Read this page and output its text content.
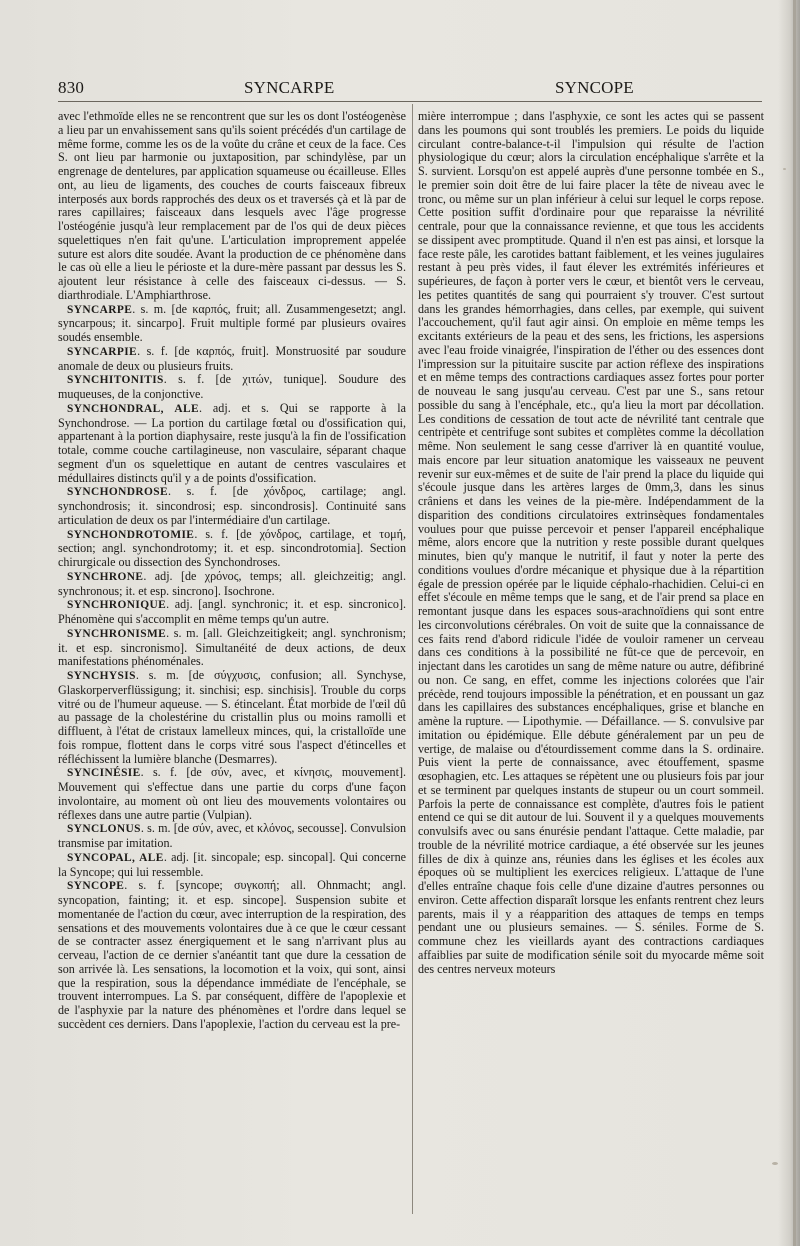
830	SYNCARPE	SYNCOPE

avec l'ethmoïde elles ne se rencontrent que sur les os dont l'ostéogenèse a lieu par un envahissement sans qu'ils soient précédés d'un cartilage de même forme, comme les os de la voûte du crâne et ceux de la face. Ces S. ont lieu par harmonie ou juxtaposition, par schindylèse, par un engrenage de dentelures, par application squameuse ou écailleuse. Elles ont, au lieu de ligaments, des couches de courts faisceaux fibreux interposés aux bords rapprochés des deux os et traversés çà et là par de rares capillaires; faisceaux dans lesquels avec l'âge progresse l'ostéogénie jusqu'à leur remplacement par de l'os qui de deux pièces squelettiques n'en fait qu'une. L'articulation improprement appelée suture est alors dite soudée. Avant la production de ce phénomène dans le cas où elle a lieu le périoste et la dure-mère passant par dessus les S. ajoutent leur résistance à celle des faisceaux ci-dessus. — S. diarthrodiale. L'Amphiarthrose.

SYNCARPE. s. m. [de καρπός, fruit; all. Zusammengesetzt; angl. syncarpous; it. sincarpo]. Fruit multiple formé par plusieurs ovaires soudés ensemble.

SYNCARPIE. s. f. [de καρπός, fruit]. Monstruosité par soudure anomale de deux ou plusieurs fruits.

SYNCHITONITIS. s. f. [de χιτών, tunique]. Soudure des muqueuses, de la conjonctive.

SYNCHONDRAL, ALE. adj. et s. Qui se rapporte à la Synchondrose. — La portion du cartilage fœtal ou d'ossification qui, appartenant à la portion diaphysaire, reste jusqu'à la fin de l'ossification totale, comme couche cartilagineuse, non vasculaire, séparant chaque segment d'un os squelettique en autant de centres vasculaires et médullaires distincts qu'il y a de points d'ossification.

SYNCHONDROSE. s. f. [de χόνδρος, cartilage; angl. synchondrosis; it. sincondrosi; esp. sincondrosis]. Continuité sans articulation de deux os par l'intermédiaire d'un cartilage.

SYNCHONDROTOMIE. s. f. [de χόνδρος, cartilage, et τομή, section; angl. synchondrotomy; it. et esp. sincondrotomia]. Section chirurgicale ou dissection des Synchondroses.

SYNCHRONE. adj. [de χρόνος, temps; all. gleichzeitig; angl. synchronous; it. et esp. sincrono]. Isochrone.

SYNCHRONIQUE. adj. [angl. synchronic; it. et esp. sincronico]. Phénomène qui s'accomplit en même temps qu'un autre.

SYNCHRONISME. s. m. [all. Gleichzeitigkeit; angl. synchronism; it. et esp. sincronismo]. Simultanéité de deux actions, de deux manifestations phénoménales.

SYNCHYSIS. s. m. [de σύγχυσις, confusion; all. Synchyse, Glaskorperverflüssigung; it. sinchisi; esp. sinchisis]. Trouble du corps vitré ou de l'humeur aqueuse. — S. étincelant. État morbide de l'œil dû au passage de la cholestérine du cristallin plus ou moins ramolli et diffluent, à l'état de cristaux lamelleux minces, qui, la cristalloïde une fois rompue, flottent dans le corps vitré sous l'aspect d'étincelles et réfléchissent la lumière blanche (Desmarres).

SYNCINÉSIE. s. f. [de σύν, avec, et κίνησις, mouvement]. Mouvement qui s'effectue dans une partie du corps d'une façon involontaire, au moment où ont lieu des mouvements volontaires ou réflexes dans une autre partie (Vulpian).

SYNCLONUS. s. m. [de σύν, avec, et κλόνος, secousse]. Convulsion transmise par imitation.

SYNCOPAL, ALE. adj. [it. sincopale; esp. sincopal]. Qui concerne la Syncope; qui lui ressemble.

SYNCOPE. s. f. [syncope; συγκοπή; all. Ohnmacht; angl. syncopation, fainting; it. et esp. sincope]. Suspension subite et momentanée de l'action du cœur, avec interruption de la respiration, des sensations et des mouvements volontaires due à ce que le cœur cessant de se contracter assez énergiquement et le sang n'arrivant plus au cerveau, l'action de ce dernier s'anéantit tant que dure la cessation de son arrivée là. Les sensations, la locomotion et la voix, qui sont, ainsi que la respiration, sous la dépendance immédiate de l'encéphale, se trouvent interrompues. La S. par conséquent, diffère de l'apoplexie et de l'asphyxie par la nature des phénomènes et l'ordre dans lequel se succèdent ces derniers. Dans l'apoplexie, l'action du cerveau est la pre-

mière interrompue ; dans l'asphyxie, ce sont les actes qui se passent dans les poumons qui sont troublés les premiers. Le poids du liquide circulant contre-balance-t-il l'impulsion qui résulte de l'action physiologique du cœur; alors la circulation encéphalique s'arrête et la S. survient. Lorsqu'on est appelé auprès d'une personne tombée en S., le premier soin doit être de lui faire placer la tête de niveau avec le tronc, ou même sur un plan inférieur à celui sur lequel le corps repose. Cette position suffit d'ordinaire pour que reparaisse la névrilité centrale, pour que la connaissance revienne, et que tous les accidents se dissipent avec promptitude. Quand il n'en est pas ainsi, et lorsque la face reste pâle, les carotides battant faiblement, et les veines jugulaires restant à peu près vides, il faut élever les extrémités inférieures et supérieures, de façon à porter vers le cœur, et bientôt vers le cerveau, les petites quantités de sang qui pourraient s'y trouver. C'est surtout dans les grandes hémorrhagies, dans celles, par exemple, qui suivent l'accouchement, qu'il faut agir ainsi. On emploie en même temps les excitants extérieurs de la peau et des sens, les frictions, les aspersions avec l'eau froide vinaigrée, l'inspiration de l'éther ou des essences dont l'impression sur la pituitaire suscite par action réflexe des inspirations et en même temps des contractions cardiaques assez fortes pour porter de nouveau le sang jusqu'au cerveau. C'est par une S., sans retour possible du sang à l'encéphale, etc., qu'a lieu la mort par décollation. Les conditions de cessation de tout acte de névrilité tant centrale que centripète et centrifuge sont subites et complètes comme la décollation même. Non seulement le sang cesse d'arriver là en quantité voulue, mais encore par leur situation anatomique les vaisseaux ne peuvent revenir sur eux-mêmes et de suite de l'air prend la place du liquide qui s'écoule jusque dans les artères larges de 0mm,3, dans les sinus crâniens et dans les veines de la pie-mère. Indépendamment de la disparition des conditions circulatoires extrinsèques fondamentales voulues pour que puisse percevoir et penser l'appareil encéphalique même, alors encore que la nutrition y reste possible durant quelques minutes, bien qu'y manque le nutritif, il faut y noter la perte des conditions voulues d'ordre mécanique et physique due à la répartition égale de pression opérée par le liquide céphalo-rhachidien. Celui-ci en effet s'écoule en même temps que le sang, et de l'air prend sa place en remontant jusque dans les espaces sous-arachnoïdiens qui sont entre les circonvolutions cérébrales. On voit de suite que la connaissance de ces faits rend d'abord ridicule l'idée de vouloir ramener un cerveau dans ces conditions à la possibilité ne fût-ce que de percevoir, en injectant dans les carotides un sang de même nature ou autre, défibriné ou non. Ce sang, en effet, comme les injections colorées que l'air précède, rend toujours impossible la pénétration, et en poussant un gaz dans les capillaires des substances encéphaliques, grise et blanche en amène la rupture. — Lipothymie. — Défaillance. — S. convulsive par imitation ou épidémique. Elle débute généralement par un peu de vertige, de malaise ou d'étourdissement comme dans la S. ordinaire. Puis vient la perte de connaissance, avec étouffement, spasme œsophagien, etc. Les attaques se répètent une ou plusieurs fois par jour et se terminent par quelques instants de stupeur ou un court sommeil. Parfois la perte de connaissance est complète, d'autres fois le patient entend ce qui se dit autour de lui. Souvent il y a quelques mouvements convulsifs avec ou sans énurésie pendant l'attaque. Cette maladie, par trouble de la névrilité motrice cardiaque, a été observée sur les jeunes filles de dix à quinze ans, réunies dans les églises et les écoles aux époques où se multiplient les exercices religieux. L'attaque de l'une d'elles entraîne chaque fois celle d'une dizaine d'autres personnes ou environ. Cette affection disparaît lorsque les enfants rentrent chez leurs parents, mais il y a réapparition des attaques de temps en temps pendant une ou plusieurs semaines. — S. séniles. Forme de S. commune chez les vieillards ayant des contractions cardiaques affaiblies par suite de modification sénile soit du myocarde même soit des centres nerveux moteurs
